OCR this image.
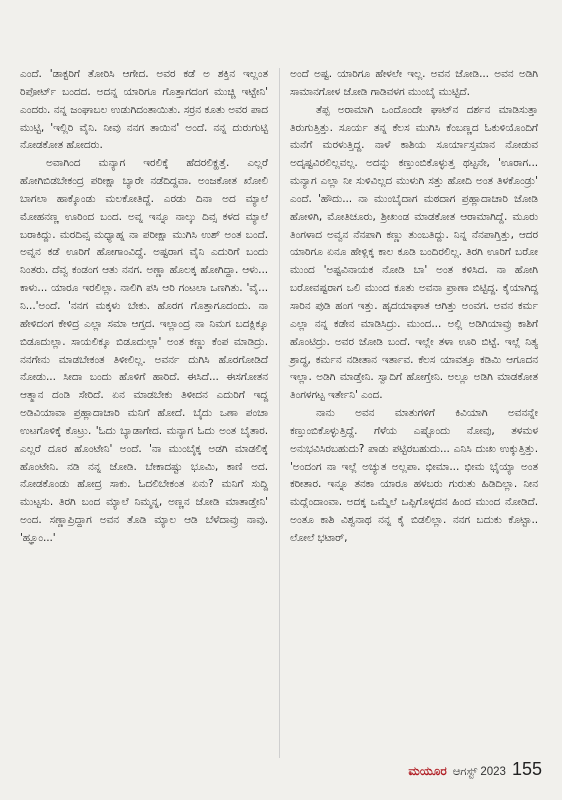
ಎಂದೆ. 'ಡಾಕ್ಟರಿಗೆ ತೋರಿಸಿ ಆಗೇದ. ಅವರ ಕಡೆ ಅ ಶಕ್ತಿನ ಇಲ್ಲಂತ ರಿಪೋರ್ಟ್ ಬಂದದ. ಅದನ್ನ ಯಾರಿಗೂ ಗೊತ್ತಾಗದಂಗ ಮುಚ್ಚಿ ಇಟ್ಟೇನಿ' ಎಂದರು. ನನ್ನ ಜಂಘಾಬಲ ಉಡುಗಿದಂತಾಯಿತು. ಸರ್ರನ ಕೂತು ಅವರ ಪಾದ ಮುಟ್ಟಿ, 'ಇಲ್ಲಿರಿ ವೈನಿ. ನೀವು ನನಗ ತಾಯಿನ' ಅಂದೆ. ನನ್ನ ದುರುಗುಟ್ಟಿ ನೋಡಕೋತ ಹೋದರು.

ಅವಾಗಿಂದ ಮನ್ಯಾಗ ಇರಲಿಕ್ಕೆ ಹೆದರಲಿಕ್ಹತ್ತೆ. ಎಲ್ಲರೆ ಹೋಗಿಬಿಡಬೇಕಂದ್ರ ಪರೀಕ್ಷಾ ಬ್ಯಾರೇ ನಡೆದಿದ್ದವಾ. ಅಂಜಕೋತ ಖೋಲಿ ಬಾಗಲಾ ಹಾಕ್ಕೊಂಡು ಮಲಕೋತಿದ್ದೆ. ಎರಡು ದಿನಾ ಅದ ಮ್ಯಾಲೆ ಮೋಹನಣ್ಣ ಊರಿಂದ ಬಂದ. ಅವ್ನ ಇನ್ನೂ ನಾಲ್ಕು ದಿವ್ಸ ಕಳದ ಮ್ಯಾಲೆ ಬರಾಕಿದ್ದು. ಮರದಿವ್ಸ ಮಧ್ಯಾಹ್ನ ನಾ ಪರೀಕ್ಷಾ ಮುಗಿಸಿ ಉಶ್ ಅಂತ ಬಂದೆ. ಅವ್ನನ ಕಡೆ ಊರಿಗೆ ಹೋಗಾಂವಿದ್ದೆ. ಅಷ್ಟರಾಗ ವೈನಿ ಎದುರಿಗೆ ಬಂದು ನಿಂತರು. ದೆವ್ವ ಕಂಡಂಗ ಆತು ನನಗ. ಅಣ್ಣಾ ಹೊಲಕ್ಕ ಹೋಗಿದ್ದಾ. ಆಳು... ಕಾಳು... ಯಾರೂ ಇರಲಿಲ್ಲಾ. ನಾಲಿಗಿ ಪಸಿ ಆರಿ ಗಂಟಲಾ ಒಣಗಿತು. 'ವೈ... ನಿ...'ಅಂದೆ. 'ನನಗ ಮಕ್ಕಳು ಬೇಕು. ಹೊರಗ ಗೊತ್ತಾಗೂದಂದು. ನಾ ಹೇಳಿದಂಗ ಕೇಳಿದ್ರ ಎಲ್ಲಾ ಸಮಾ ಆಗ್ತದ. ಇಲ್ಲಾಂದ್ರ ನಾ ನಿಮಗ ಬದಕ್ಲಿಕ್ಕೂ ಬಿಡೂದುಲ್ಲಾ. ಸಾಯಲಿಕ್ಕೂ ಬಿಡೂದುಲ್ಲಾ' ಅಂತ ಕಣ್ಣು ಕೆಂಪ ಮಾಡಿದ್ರು. ನನಗೇನು ಮಾಡಬೇಕಂತ ತಿಳೀಲಿಲ್ಲ. ಅವರ್ನ ದುಗಿಸಿ ಹೊರಗೋಡಿದೆ ನೋಡು... ಸೀದಾ ಬಂದು ಹೊಳಿಗೆ ಹಾರಿದೆ. ಈಸಿದೆ... ಈಸಗೋತನ ಆತ್ಮಾನ ದಂಡಿ ಸೇರಿದೆ. ಏನ ಮಾಡಬೇಕು ತಿಳೀದನ ಎದುರಿಗೆ ಇದ್ದ ಅಡಿವಿಯಾವಾ ಪ್ರಹ್ಲಾದಾಚಾರಿ ಮನಿಗೆ ಹೋದೆ. ಬೈದು ಒಣಾ ಪಂಚಾ ಉಟಗೊಳಿಕ್ಕೆ ಕೊಟ್ರು. 'ಓದು ಬ್ಯಾಡಾಗೇದ. ಮನ್ಯಾಗ ಓದು ಅಂತ ಬೈತಾರ. ಎಲ್ಲರೆ ದೂರ ಹೊಂಟೇನಿ' ಅಂದೆ. 'ನಾ ಮುಂಬೈಕ್ಕ ಅಡಗಿ ಮಾಡಲಿಕ್ಕೆ ಹೊಂಟೇನಿ. ನಡಿ ನನ್ನ ಜೋಡಿ. ಬೇಕಾದಷ್ಟು ಭೂಮಿ, ಕಾಣಿ ಅದ. ನೋಡಕೊಂಡು ಹೋದ್ರ ಸಾಕು. ಓದಲಿಬೇಕಂತ ಏನು? ಮನಿಗೆ ಸುದ್ದಿ ಮುಟ್ಟಸು. ತಿರಗಿ ಬಂದ ಮ್ಯಾಲೆ ನಿಮ್ಮನ್ನ, ಅಣ್ಣನ ಜೋಡಿ ಮಾತಾಡ್ತೇನಿ' ಅಂದ. ಸಣ್ಣಾಪ್ರಿದ್ದಾಗ ಅವನ ತೊಡಿ ಮ್ಯಾಲ ಆಡಿ ಬೆಳೆದಾವ್ರು ನಾವು. 'ಹ್ಞೂಂ...'

ಅಂದೆ ಅಷ್ಟ. ಯಾರಿಗೂ ಹೇಳಲೇ ಇಲ್ಲ. ಅವನ ಜೋಡಿ... ಅವನ ಅಡಿಗಿ ಸಾಮಾನಗೋಳ ಜೋಡಿ ಗಾಡಿವಳಗ ಮುಂಬೈ ಮುಟ್ಟಿದೆ.

ತೆಪ್ಪ ಅರಾಮಾಗಿ ಒಂದೊಂದೇ ಘಾಟ್‌ನ ದರ್ಶನ ಮಾಡಿಸುತ್ತಾ ತಿರುಗುತ್ತಿತ್ತು. ಸೂರ್ಯ ತನ್ನ ಕೆಲಸ ಮುಗಿಸಿ ಕೆಂಬಣ್ಣದ ಓಕುಳಿಯೊಂದಿಗೆ ಮನೆಗೆ ಮರಳುತ್ತಿದ್ದ. ನಾಳೆ ಕಾಶಿಯ ಸೂರ್ಯಾಸ್ತಮಾನ ನೋಡುವ ಅದೃಷ್ಟವಿರಲಿಲ್ಲವಲ್ಲ. ಅದನ್ನು ಕಣ್ತುಂಬಿಕೊಳ್ಳುತ್ತ ಥಟ್ಟನೇ, 'ಊರಾಗ... ಮನ್ಯಾಗ ಎಲ್ಲಾ ನೀ ಸುಳಿವಿಲ್ಲದ ಮುಳುಗಿ ಸತ್ತು ಹೋದಿ ಅಂತ ತಿಳಕೊಂಡ್ರು' ಎಂದೆ. 'ಹೌದು... ನಾ ಮುಂಬೈದಾಗ ಮಠದಾಗ ಪ್ರಹ್ಲಾದಾಚಾರಿ ಜೋಡಿ ಹೋಳಿಗಿ, ಮೋತಿಚೂರು, ಶ್ರೀಖಂಡ ಮಾಡಕೋತ ಆರಾಮಾಗಿದ್ದೆ. ಮೂರು ತಿಂಗಳಾದ ಅವ್ವನ ನೆನಪಾಗಿ ಕಣ್ಣು ತುಂಬತಿದ್ದು. ನಿನ್ನ ನೆನಪಾಗ್ತಿತ್ತು, ಆದರ ಯಾರಿಗೂ ಏನೂ ಹೇಳ್ಲಿಕ್ಕ ಕಾಲ ಕೂಡಿ ಬಂದಿರಲಿಲ್ಲ. ತಿರಗಿ ಊರಿಗೆ ಬರೋ ಮುಂದ 'ಅಷ್ಟವಿನಾಯಕ ನೋಡಿ ಬಾ' ಅಂತ ಕಳಿಸಿದ. ನಾ ಹೋಗಿ ಬರೋವಷ್ಟರಾಗ ಒಲಿ ಮುಂದ ಕೂತು ಅವನಾ ಪ್ರಾಣಾ ಬಿಟ್ಟಿದ್ದ. ಕೈಯಾಗಿದ್ದ ಸಾರಿನ ಪುಡಿ ಹಂಗ ಇತ್ತು. ಹೃದಯಾಘಾತ ಆಗಿತ್ತು ಅಂವಗ. ಅವನ ಕರ್ಮ ಎಲ್ಲಾ ನನ್ನ ಕಡೇನ ಮಾಡಿಸಿದ್ರು. ಮುಂದ... ಅಲ್ಲಿ ಅಡಿಗಿಯಾವ್ರು ಕಾಶಿಗೆ ಹೊಂಟಿದ್ರು. ಅವರ ಜೋಡಿ ಬಂದೆ. ಇಲ್ಲೇ ತಳಾ ಊರಿ ಬಿಟ್ಟೆ. ಇಲ್ಲೆ ನಿತ್ಯ ಶ್ರಾದ್ಧ, ಕರ್ಮನ ನಡೀತಾನ ಇರ್ತಾವ. ಕೆಲಸ ಯಾವತ್ತೂ ಕಡಿಮಿ ಆಗೂದನ ಇಲ್ಲಾ. ಅಡಿಗಿ ಮಾಡ್ತೇನಿ. ಸ್ವಾದಿಗೆ ಹೋಗ್ತೇನಿ. ಅಲ್ಲೂ ಅಡಿಗಿ ಮಾಡಕೋತ ತಿಂಗಳಗಟ್ಟ ಇರ್ತೇನಿ' ಎಂದ.

ನಾನು ಅವನ ಮಾತುಗಳಿಗೆ ಕಿವಿಯಾಗಿ ಅವನನ್ನೇ ಕಣ್ತುಂಬಿಕೊಳ್ಳುತ್ತಿದ್ದೆ. ಗೆಳೆಯ ಎಷ್ಟೊಂದು ನೋವು, ತಳಮಳ ಅನುಭವಿಸಿರಬಹುದು? ಪಾಡು ಪಟ್ಟಿರಬಹುದು... ಎನಿಸಿ ದುಃಖ ಉಕ್ಕುತ್ತಿತ್ತು. 'ಅಂದಂಗ ನಾ ಇಲ್ಲೆ ಅಚ್ಯುತ ಅಲ್ಲಪಾ. ಭೀಮಾ... ಭೀಮ ಭೈಯ್ಯಾ ಅಂತ ಕರೀತಾರ. ಇನ್ನೂ ತನಕಾ ಯಾರೂ ಹಳಬರು ಗುರುತು ಹಿಡಿದಿಲ್ಲಾ. ನೀನ ಮದ್ಲೆಂದಾಂವಾ. ಅದಕ್ಕ ಒಮ್ಮೆಲೆ ಒಪ್ಪಿಗೊಳ್ಳದನ ಹಿಂದ ಮುಂದ ನೋಡಿದೆ. ಅಂತೂ ಕಾಶಿ ವಿಶ್ವನಾಥ ನನ್ನ ಕೈ ಬಿಡಲಿಲ್ಲಾ. ನನಗ ಬದುಕು ಕೊಟ್ಟಾ.. ಲೋಲೆ ಭಟಾರ್,

ಮಯೂರ ಆಗಸ್ಟ್ 2023 155
